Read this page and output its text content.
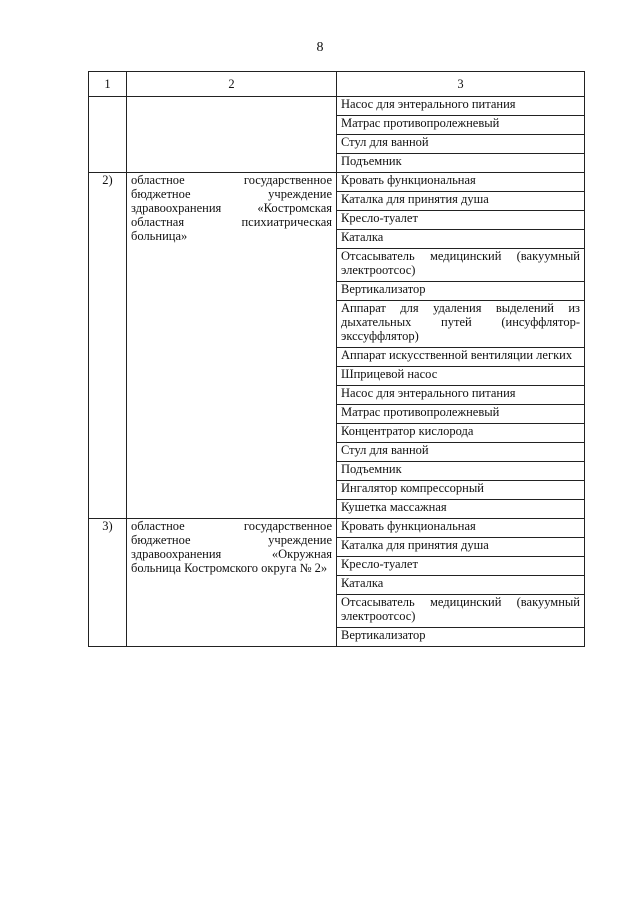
8
1	2	3
		Насос для энтерального питания
		Матрас противопролежневый
		Стул для ванной
		Подъемник
2)	областное государственное бюджетное учреждение здравоохранения «Костромская областная психиатрическая больница»	Кровать функциональная
		Каталка для принятия душа
		Кресло-туалет
		Каталка
		Отсасыватель медицинский (вакуумный электроотсос)
		Вертикализатор
		Аппарат для удаления выделений из дыхательных путей (инсуффлятор-экссуффлятор)
		Аппарат искусственной вентиляции легких
		Шприцевой насос
		Насос для энтерального питания
		Матрас противопролежневый
		Концентратор кислорода
		Стул для ванной
		Подъемник
		Ингалятор компрессорный
		Кушетка массажная
3)	областное государственное бюджетное учреждение здравоохранения «Окружная больница Костромского округа № 2»	Кровать функциональная
		Каталка для принятия душа
		Кресло-туалет
		Каталка
		Отсасыватель медицинский (вакуумный электроотсос)
		Вертикализатор
